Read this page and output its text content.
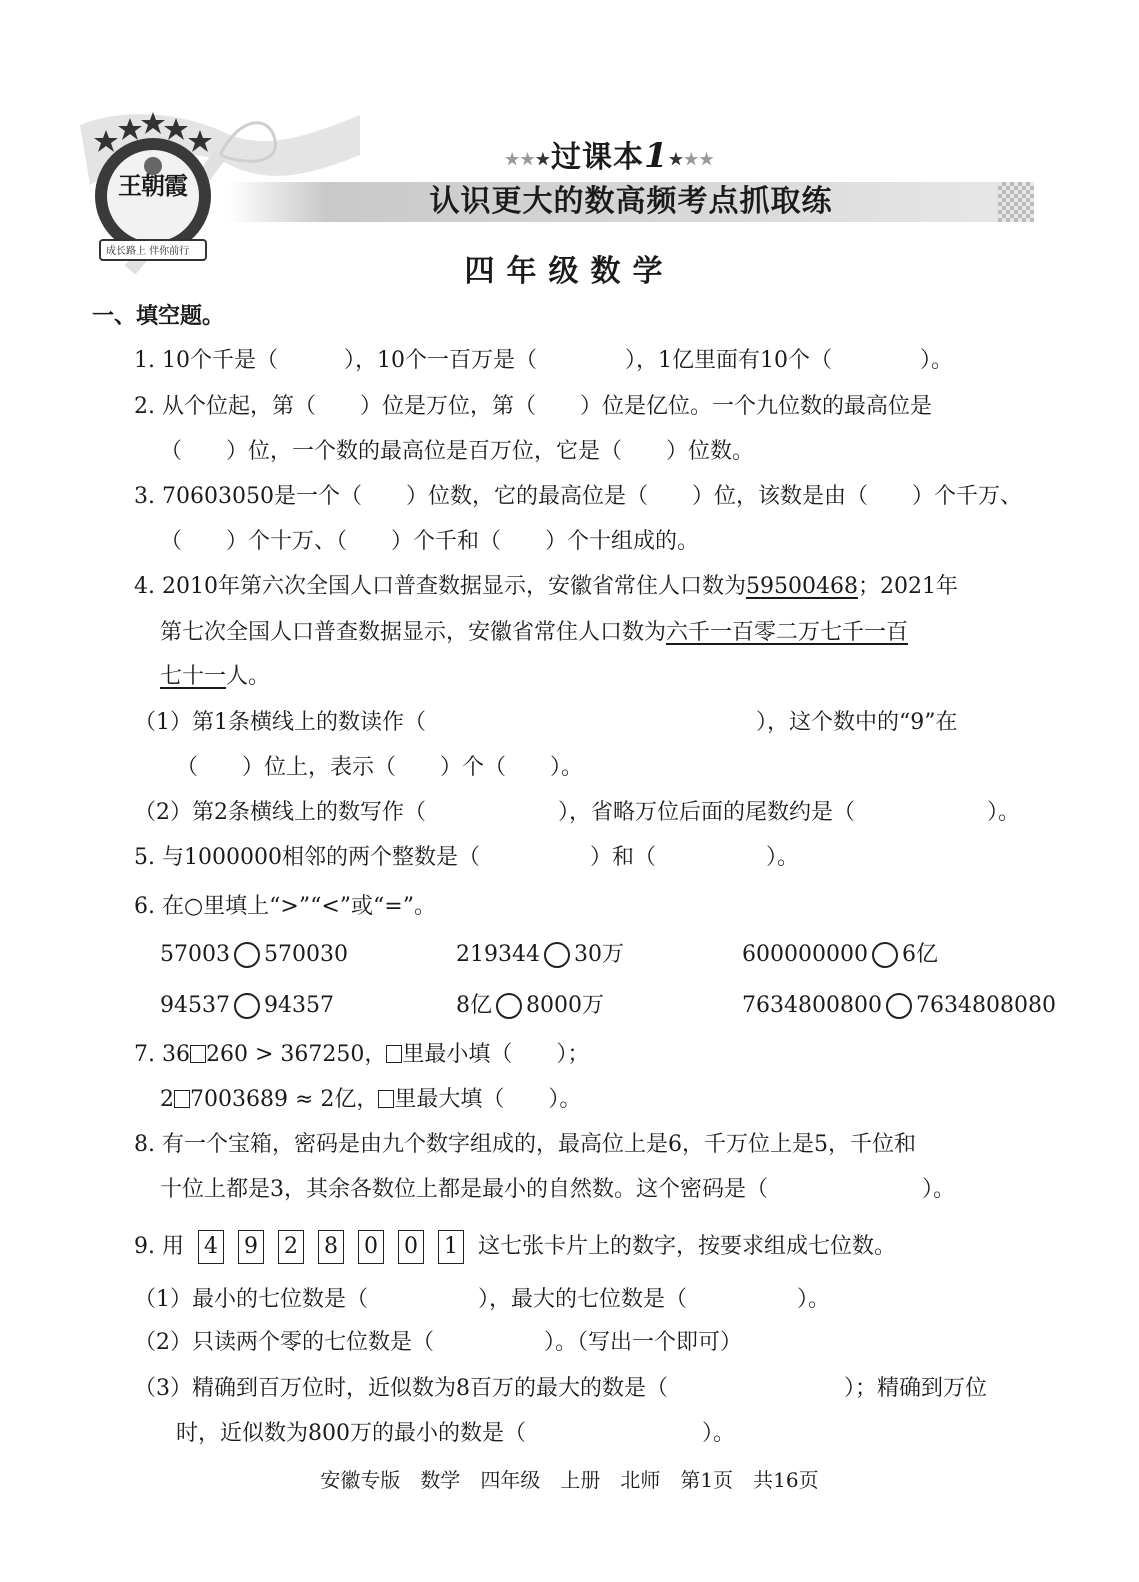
王朝霞
成长路上 伴你前行
★★★过课本1★★★
认识更大的数高频考点抓取练
四年级数学
一、填空题。
1. 10个千是（　　　），10个一百万是（　　　　），1亿里面有10个（　　　　）。
2. 从个位起，第（　　）位是万位，第（　　）位是亿位。一个九位数的最高位是
（　　）位，一个数的最高位是百万位，它是（　　）位数。
3. 70603050是一个（　　）位数，它的最高位是（　　）位，该数是由（　　）个千万、
（　　）个十万、（　　）个千和（　　）个十组成的。
4. 2010年第六次全国人口普查数据显示，安徽省常住人口数为59500468；2021年
第七次全国人口普查数据显示，安徽省常住人口数为六千一百零二万七千一百
七十一人。
（1）第1条横线上的数读作（　　　　　　　　　　　　　　　），这个数中的“9”在
（　　）位上，表示（　　）个（　　）。
（2）第2条横线上的数写作（　　　　　　），省略万位后面的尾数约是（　　　　　　）。
5. 与1000000相邻的两个整数是（　　　　　）和（　　　　　）。
6. 在○里填上“>”“<”或“=”。
57003 570030	219344 30万	600000000 6亿
94537 94357	8亿 8000万	7634800800 7634808080
7. 36 260 > 367250， 里最小填（　　）；
2 7003689 ≈ 2亿， 里最大填（　　）。
8. 有一个宝箱，密码是由九个数字组成的，最高位上是6，千万位上是5，千位和
十位上都是3，其余各数位上都是最小的自然数。这个密码是（　　　　　　　）。
9. 用 4 9 2 8 0 0 1 这七张卡片上的数字，按要求组成七位数。
（1）最小的七位数是（　　　　　），最大的七位数是（　　　　　）。
（2）只读两个零的七位数是（　　　　　）。（写出一个即可）
（3）精确到百万位时，近似数为8百万的最大的数是（　　　　　　　　）；精确到万位
时，近似数为800万的最小的数是（　　　　　　　　）。
安徽专版　数学　四年级　上册　北师　第1页　共16页
